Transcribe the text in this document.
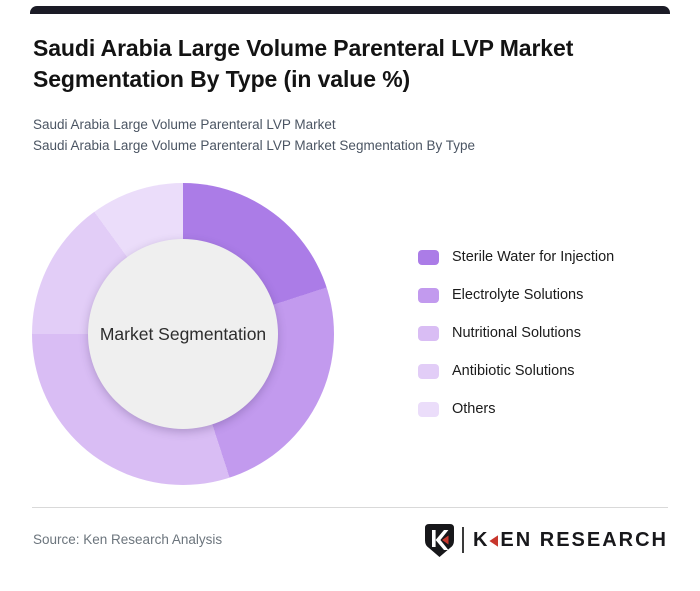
Saudi Arabia Large Volume Parenteral LVP Market Segmentation By Type (in value %)
Saudi Arabia Large Volume Parenteral LVP Market
Saudi Arabia Large Volume Parenteral LVP Market Segmentation By Type
Market Segmentation
Sterile Water for Injection
Electrolyte Solutions
Nutritional Solutions
Antibiotic Solutions
Others
Source: Ken Research Analysis	K EN RESEARCH
